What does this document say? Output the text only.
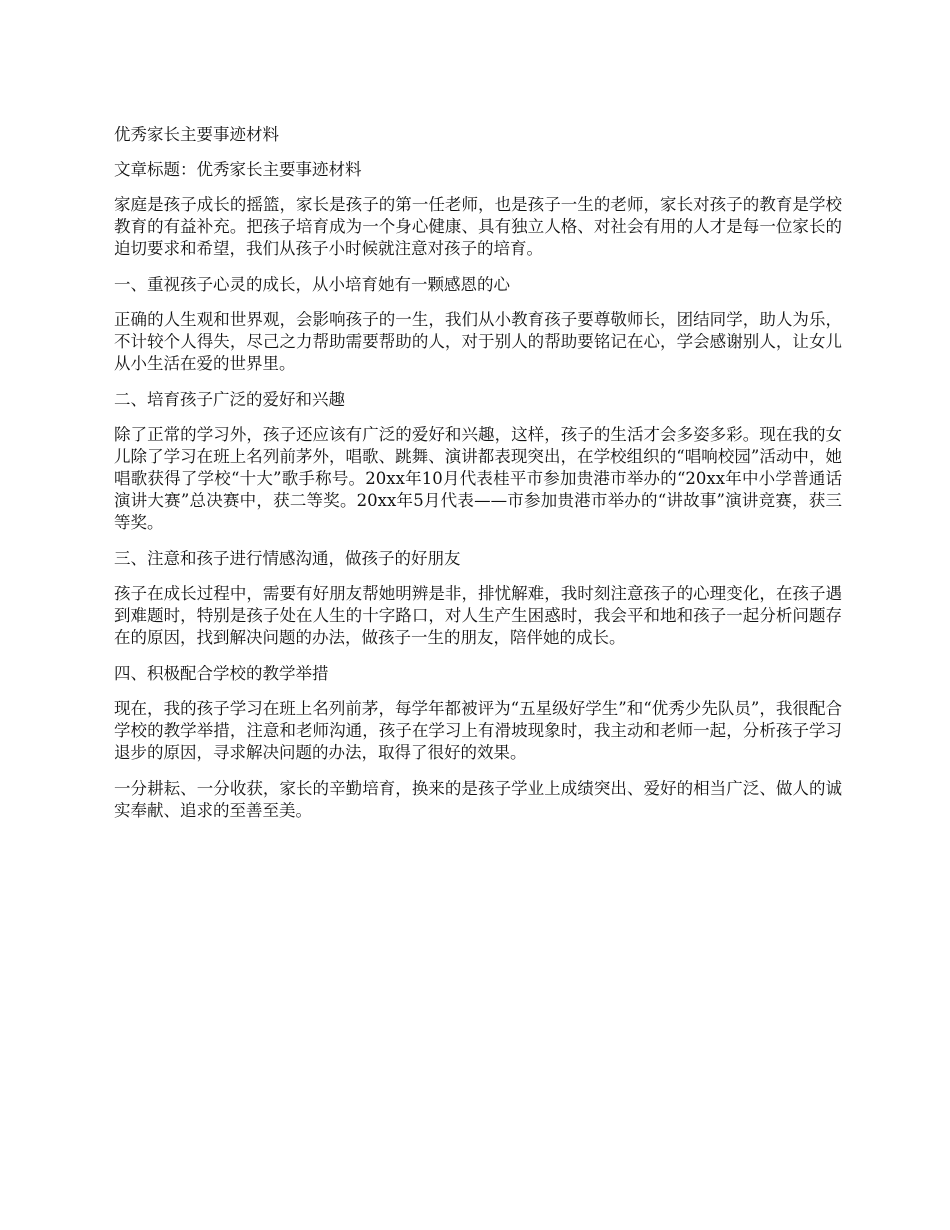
优秀家长主要事迹材料

文章标题：优秀家长主要事迹材料

家庭是孩子成长的摇篮，家长是孩子的第一任老师，也是孩子一生的老师，家长对孩子的教育是学校教育的有益补充。把孩子培育成为一个身心健康、具有独立人格、对社会有用的人才是每一位家长的迫切要求和希望，我们从孩子小时候就注意对孩子的培育。

一、重视孩子心灵的成长，从小培育她有一颗感恩的心

正确的人生观和世界观，会影响孩子的一生，我们从小教育孩子要尊敬师长，团结同学，助人为乐，不计较个人得失，尽己之力帮助需要帮助的人，对于别人的帮助要铭记在心，学会感谢别人，让女儿从小生活在爱的世界里。

二、培育孩子广泛的爱好和兴趣

除了正常的学习外，孩子还应该有广泛的爱好和兴趣，这样，孩子的生活才会多姿多彩。现在我的女儿除了学习在班上名列前茅外，唱歌、跳舞、演讲都表现突出，在学校组织的“唱响校园”活动中，她唱歌获得了学校“十大”歌手称号。20xx年10月代表桂平市参加贵港市举办的“20xx年中小学普通话演讲大赛”总决赛中，获二等奖。20xx年5月代表——市参加贵港市举办的“讲故事”演讲竞赛，获三等奖。

三、注意和孩子进行情感沟通，做孩子的好朋友

孩子在成长过程中，需要有好朋友帮她明辨是非，排忧解难，我时刻注意孩子的心理变化，在孩子遇到难题时，特别是孩子处在人生的十字路口，对人生产生困惑时，我会平和地和孩子一起分析问题存在的原因，找到解决问题的办法，做孩子一生的朋友，陪伴她的成长。

四、积极配合学校的教学举措

现在，我的孩子学习在班上名列前茅，每学年都被评为“五星级好学生”和“优秀少先队员”，我很配合学校的教学举措，注意和老师沟通，孩子在学习上有滑坡现象时，我主动和老师一起，分析孩子学习退步的原因，寻求解决问题的办法，取得了很好的效果。

一分耕耘、一分收获，家长的辛勤培育，换来的是孩子学业上成绩突出、爱好的相当广泛、做人的诚实奉献、追求的至善至美。
